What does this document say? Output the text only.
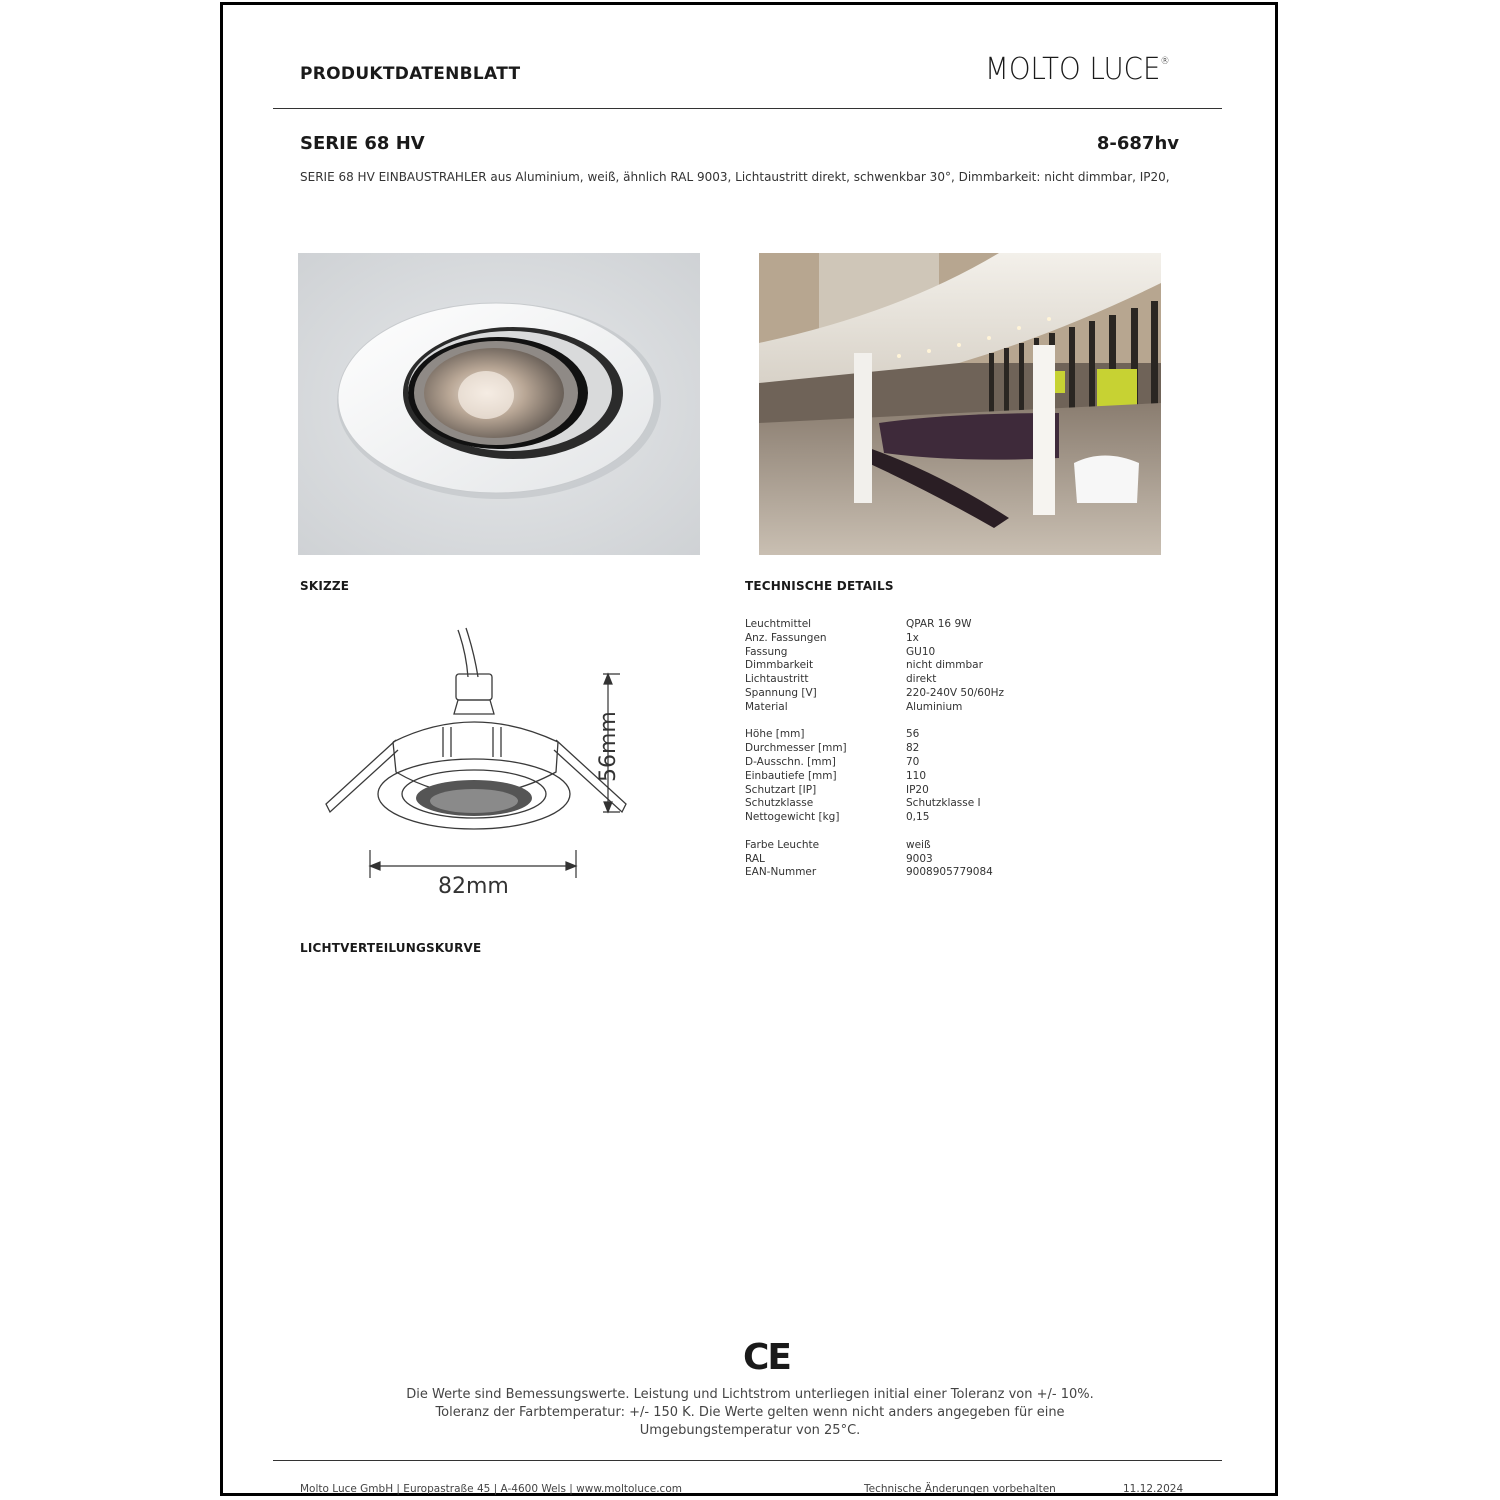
PRODUKTDATENBLATT	MOLTO LUCE®
SERIE 68 HV	8-687hv
SERIE 68 HV EINBAUSTRAHLER aus Aluminium, weiß, ähnlich RAL 9003, Lichtaustritt direkt, schwenkbar 30°, Dimmbarkeit: nicht dimmbar, IP20,
SKIZZE
56mm
82mm
TECHNISCHE DETAILS
Leuchtmittel	QPAR 16 9W
Anz. Fassungen	1x
Fassung	GU10
Dimmbarkeit	nicht dimmbar
Lichtaustritt	direkt
Spannung [V]	220-240V 50/60Hz
Material	Aluminium

Höhe [mm]	56
Durchmesser [mm]	82
D-Ausschn. [mm]	70
Einbautiefe [mm]	110
Schutzart [IP]	IP20
Schutzklasse	Schutzklasse I
Nettogewicht [kg]	0,15

Farbe Leuchte	weiß
RAL	9003
EAN-Nummer	9008905779084
LICHTVERTEILUNGSKURVE
CE
Die Werte sind Bemessungswerte. Leistung und Lichtstrom unterliegen initial einer Toleranz von +/- 10%.
Toleranz der Farbtemperatur: +/- 150 K. Die Werte gelten wenn nicht anders angegeben für eine
Umgebungstemperatur von 25°C.
Molto Luce GmbH | Europastraße 45 | A-4600 Wels | www.moltoluce.com	Technische Änderungen vorbehalten	11.12.2024
